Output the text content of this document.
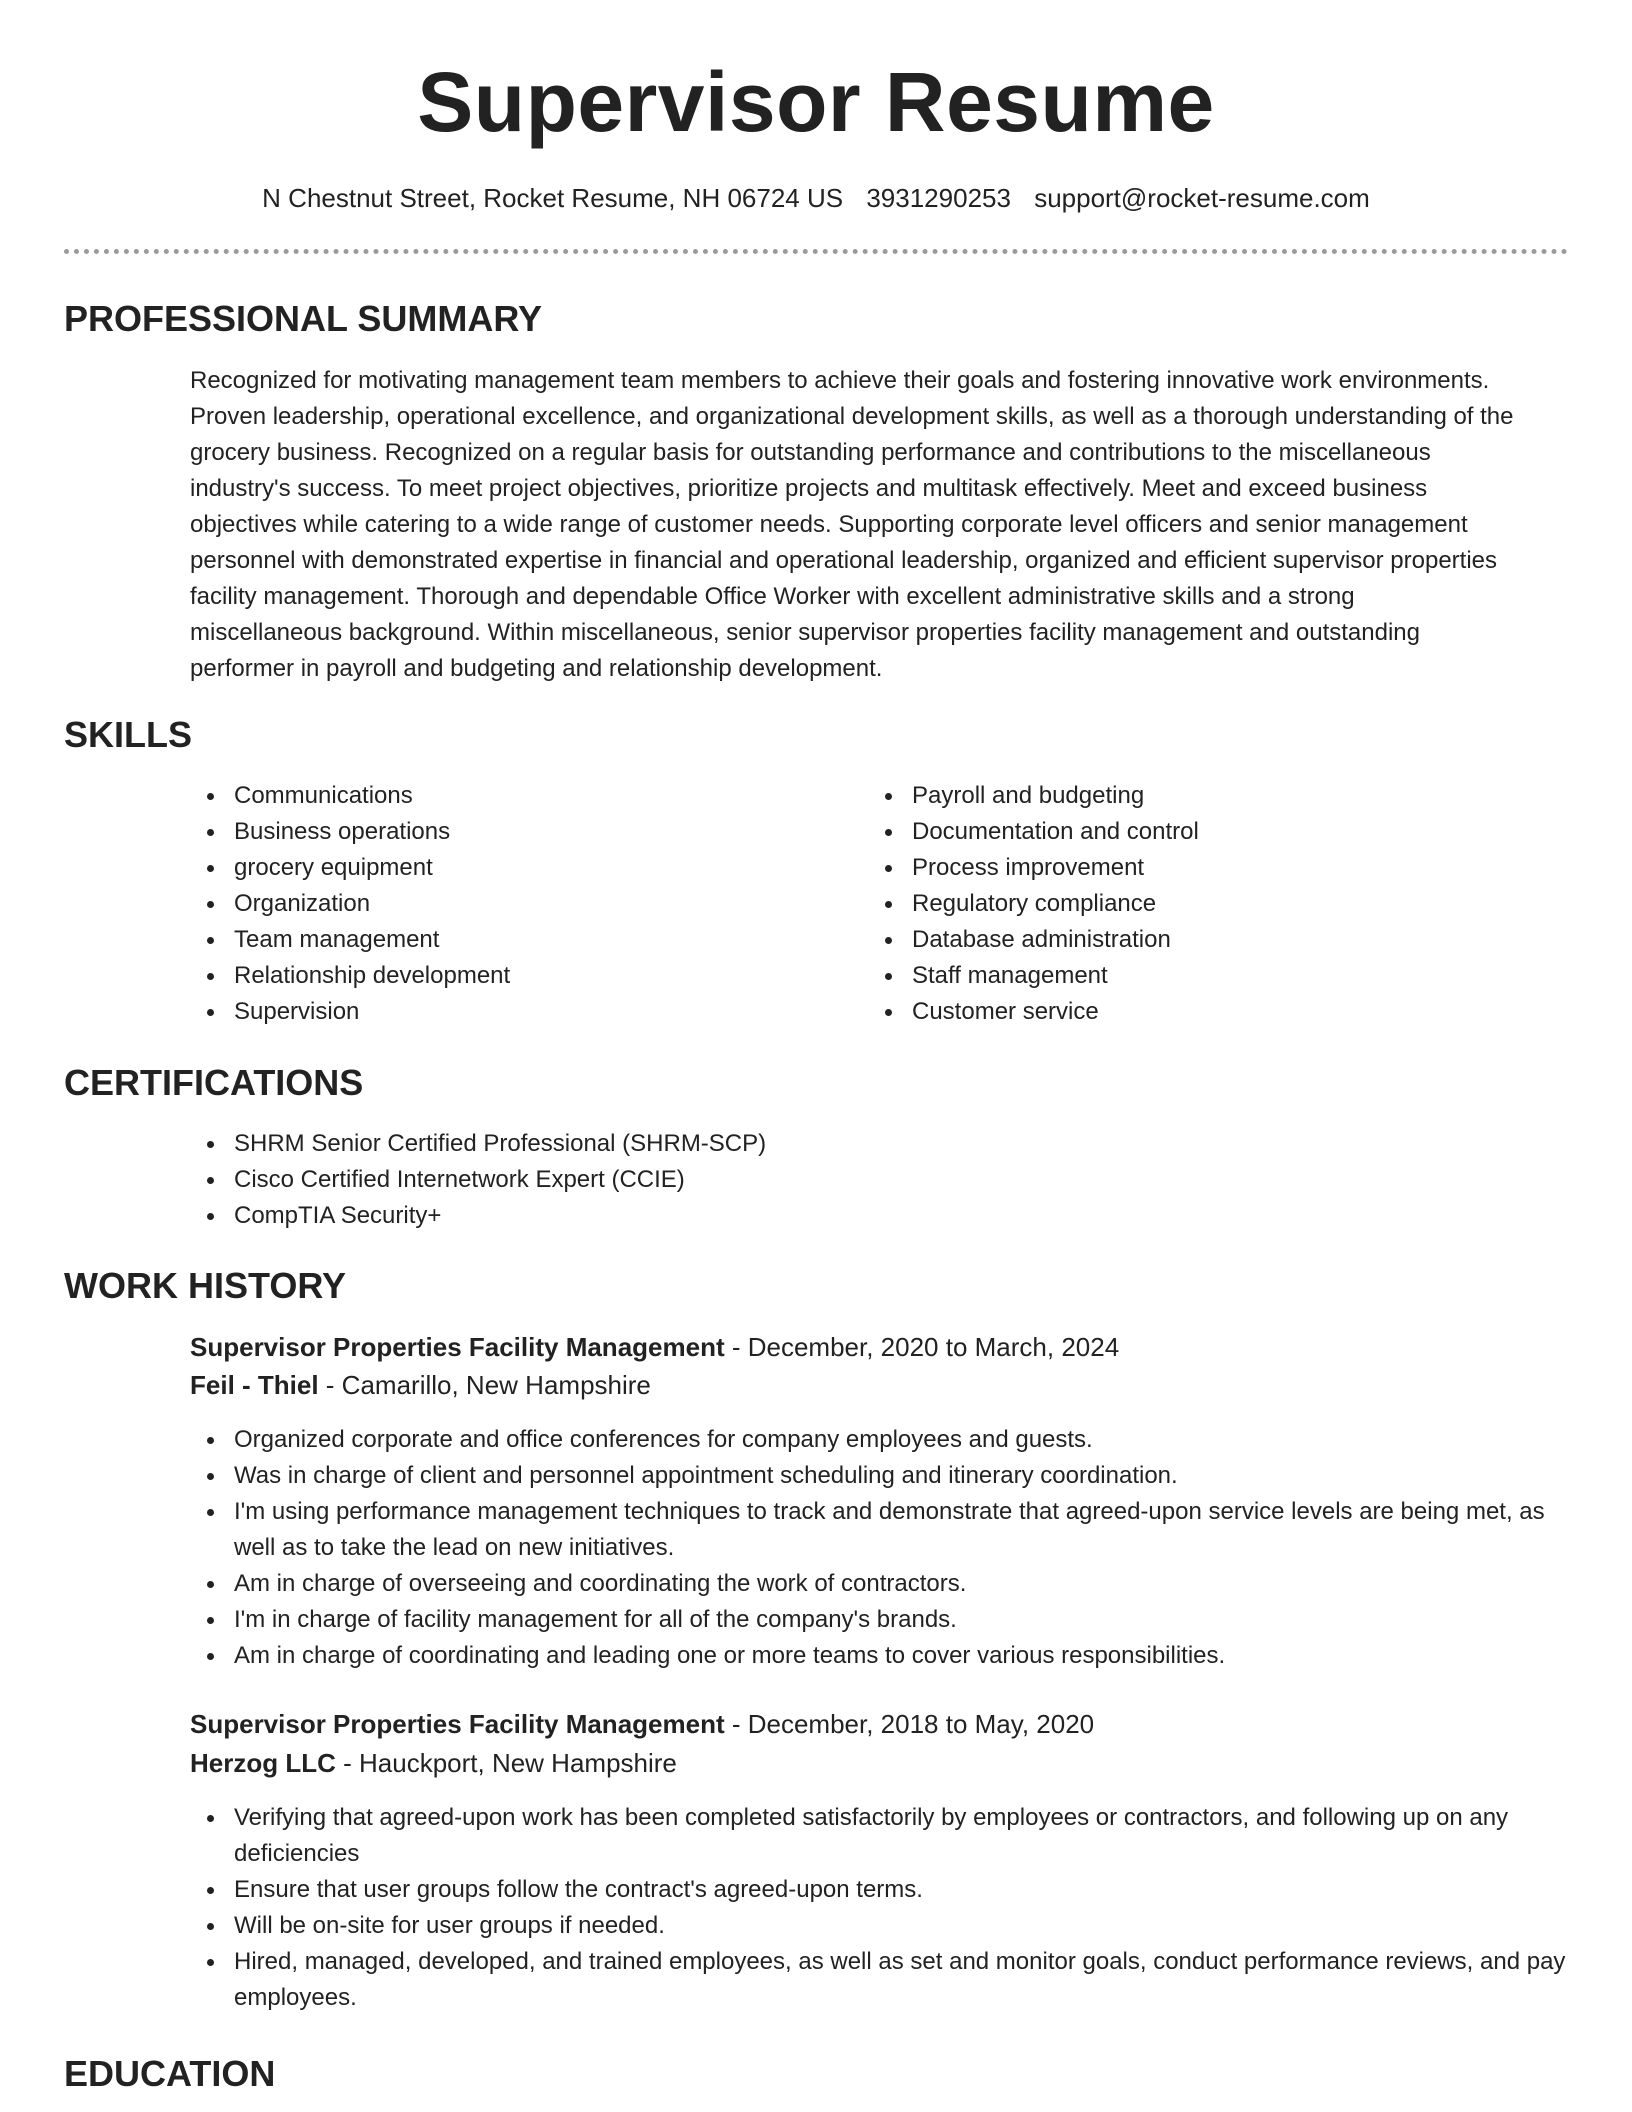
Supervisor Resume
N Chestnut Street, Rocket Resume, NH 06724 US 3931290253 support@rocket-resume.com
PROFESSIONAL SUMMARY
Recognized for motivating management team members to achieve their goals and fostering innovative work environments.
Proven leadership, operational excellence, and organizational development skills, as well as a thorough understanding of the
grocery business. Recognized on a regular basis for outstanding performance and contributions to the miscellaneous
industry's success. To meet project objectives, prioritize projects and multitask effectively. Meet and exceed business
objectives while catering to a wide range of customer needs. Supporting corporate level officers and senior management
personnel with demonstrated expertise in financial and operational leadership, organized and efficient supervisor properties
facility management. Thorough and dependable Office Worker with excellent administrative skills and a strong
miscellaneous background. Within miscellaneous, senior supervisor properties facility management and outstanding
performer in payroll and budgeting and relationship development.
SKILLS
Communications
Business operations
grocery equipment
Organization
Team management
Relationship development
Supervision
Payroll and budgeting
Documentation and control
Process improvement
Regulatory compliance
Database administration
Staff management
Customer service
CERTIFICATIONS
SHRM Senior Certified Professional (SHRM-SCP)
Cisco Certified Internetwork Expert (CCIE)
CompTIA Security+
WORK HISTORY
Supervisor Properties Facility Management - December, 2020 to March, 2024
Feil - Thiel - Camarillo, New Hampshire
Organized corporate and office conferences for company employees and guests.
Was in charge of client and personnel appointment scheduling and itinerary coordination.
I'm using performance management techniques to track and demonstrate that agreed-upon service levels are being met, as well as to take the lead on new initiatives.
Am in charge of overseeing and coordinating the work of contractors.
I'm in charge of facility management for all of the company's brands.
Am in charge of coordinating and leading one or more teams to cover various responsibilities.
Supervisor Properties Facility Management - December, 2018 to May, 2020
Herzog LLC - Hauckport, New Hampshire
Verifying that agreed-upon work has been completed satisfactorily by employees or contractors, and following up on any deficiencies
Ensure that user groups follow the contract's agreed-upon terms.
Will be on-site for user groups if needed.
Hired, managed, developed, and trained employees, as well as set and monitor goals, conduct performance reviews, and pay employees.
EDUCATION
